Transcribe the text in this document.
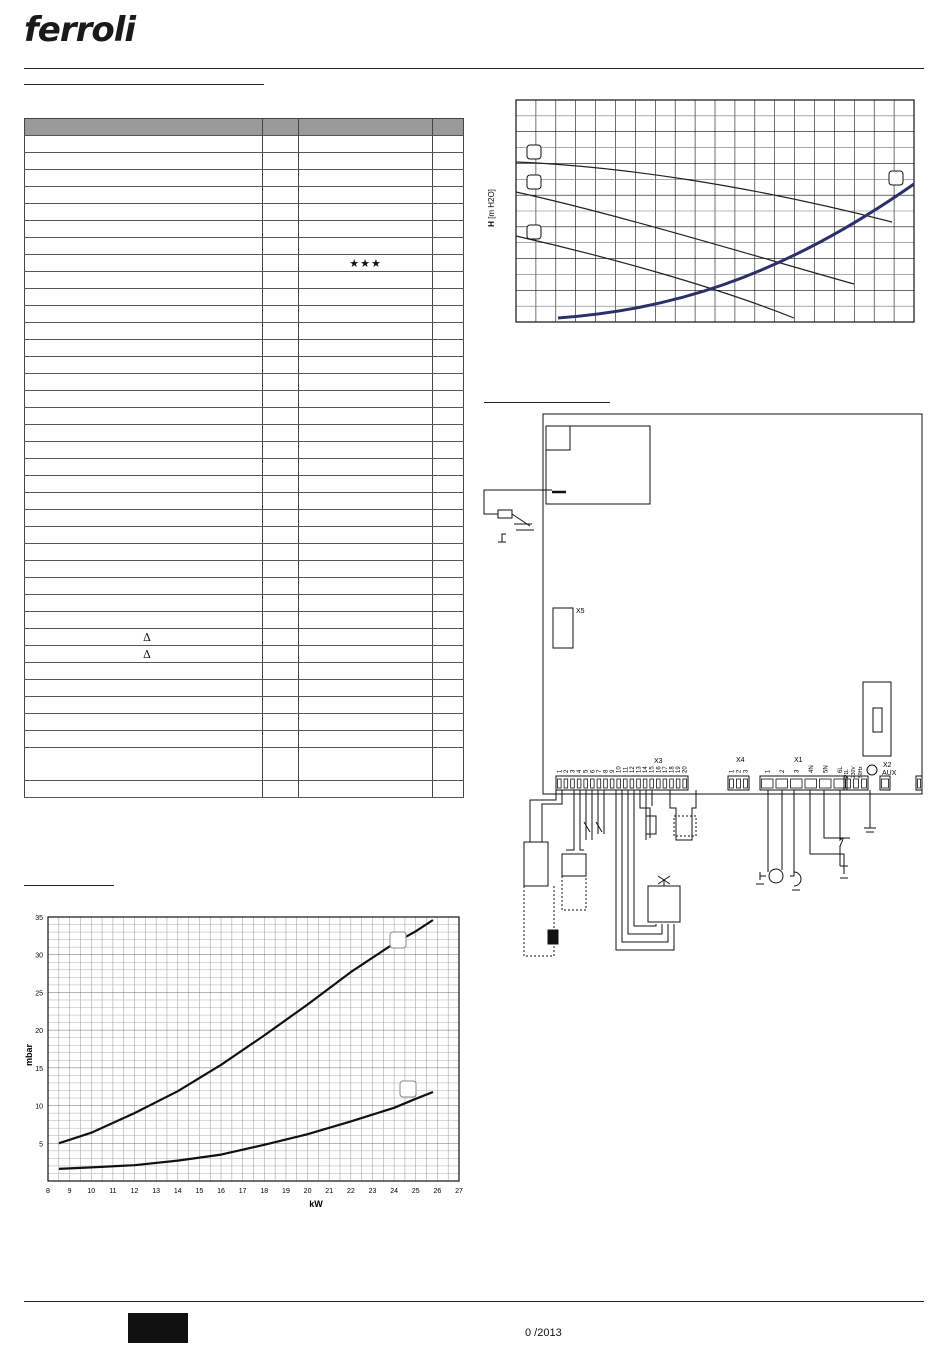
ferroli

		★★★	

Δ			
Δ			

5
10
15
20
25
30
35
8	9 10 11 12 13 14 15 16 17 18 19 20 21 22 23 24 25 26 27
kW
mbar
H [m H2O]
X5
1 2 3 4 5 6 7 8 9 10 11 12 13 14 15 16 17 18 19 20	1 2 3	1 2 3 4N 5N 6L
X3	X4	X1
X2
AUX
P1L 230V 50Hz
0 /2013
